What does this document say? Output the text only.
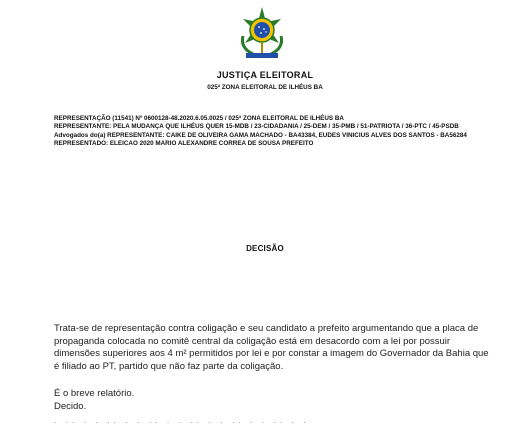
JUSTIÇA ELEITORAL
025ª ZONA ELEITORAL DE ILHÉUS BA
REPRESENTAÇÃO (11541) Nº 0600128-48.2020.6.05.0025 / 025ª ZONA ELEITORAL DE ILHÉUS BA
REPRESENTANTE: PELA MUDANÇA QUE ILHÉUS QUER 15-MDB / 23-CIDADANIA / 25-DEM / 35-PMB / 51-PATRIOTA / 36-PTC / 45-PSDB
Advogados do(a) REPRESENTANTE: CAIKE DE OLIVEIRA GAMA MACHADO - BA43384, EUDES VINICIUS ALVES DOS SANTOS - BA56284
REPRESENTADO: ELEICAO 2020 MARIO ALEXANDRE CORREA DE SOUSA PREFEITO
DECISÃO
Trata-se de representação contra coligação e seu candidato a prefeito argumentando que a placa de propaganda colocada no comitê central da coligação está em desacordo com a lei por possuir dimensões superiores aos 4 m² permitidos por lei e por constar a imagem do Governador da Bahia que é filiado ao PT, partido que não faz parte da coligação.
É o breve relatório.
Decido.
˙ ˙˙ ˙ ˙ ˙˙ ˙ ˙ ˙˙ ˙ ˙ ˙˙ ˙ ˙ ˙˙ ˙ ˙ ˙˙ ˙ ˙
